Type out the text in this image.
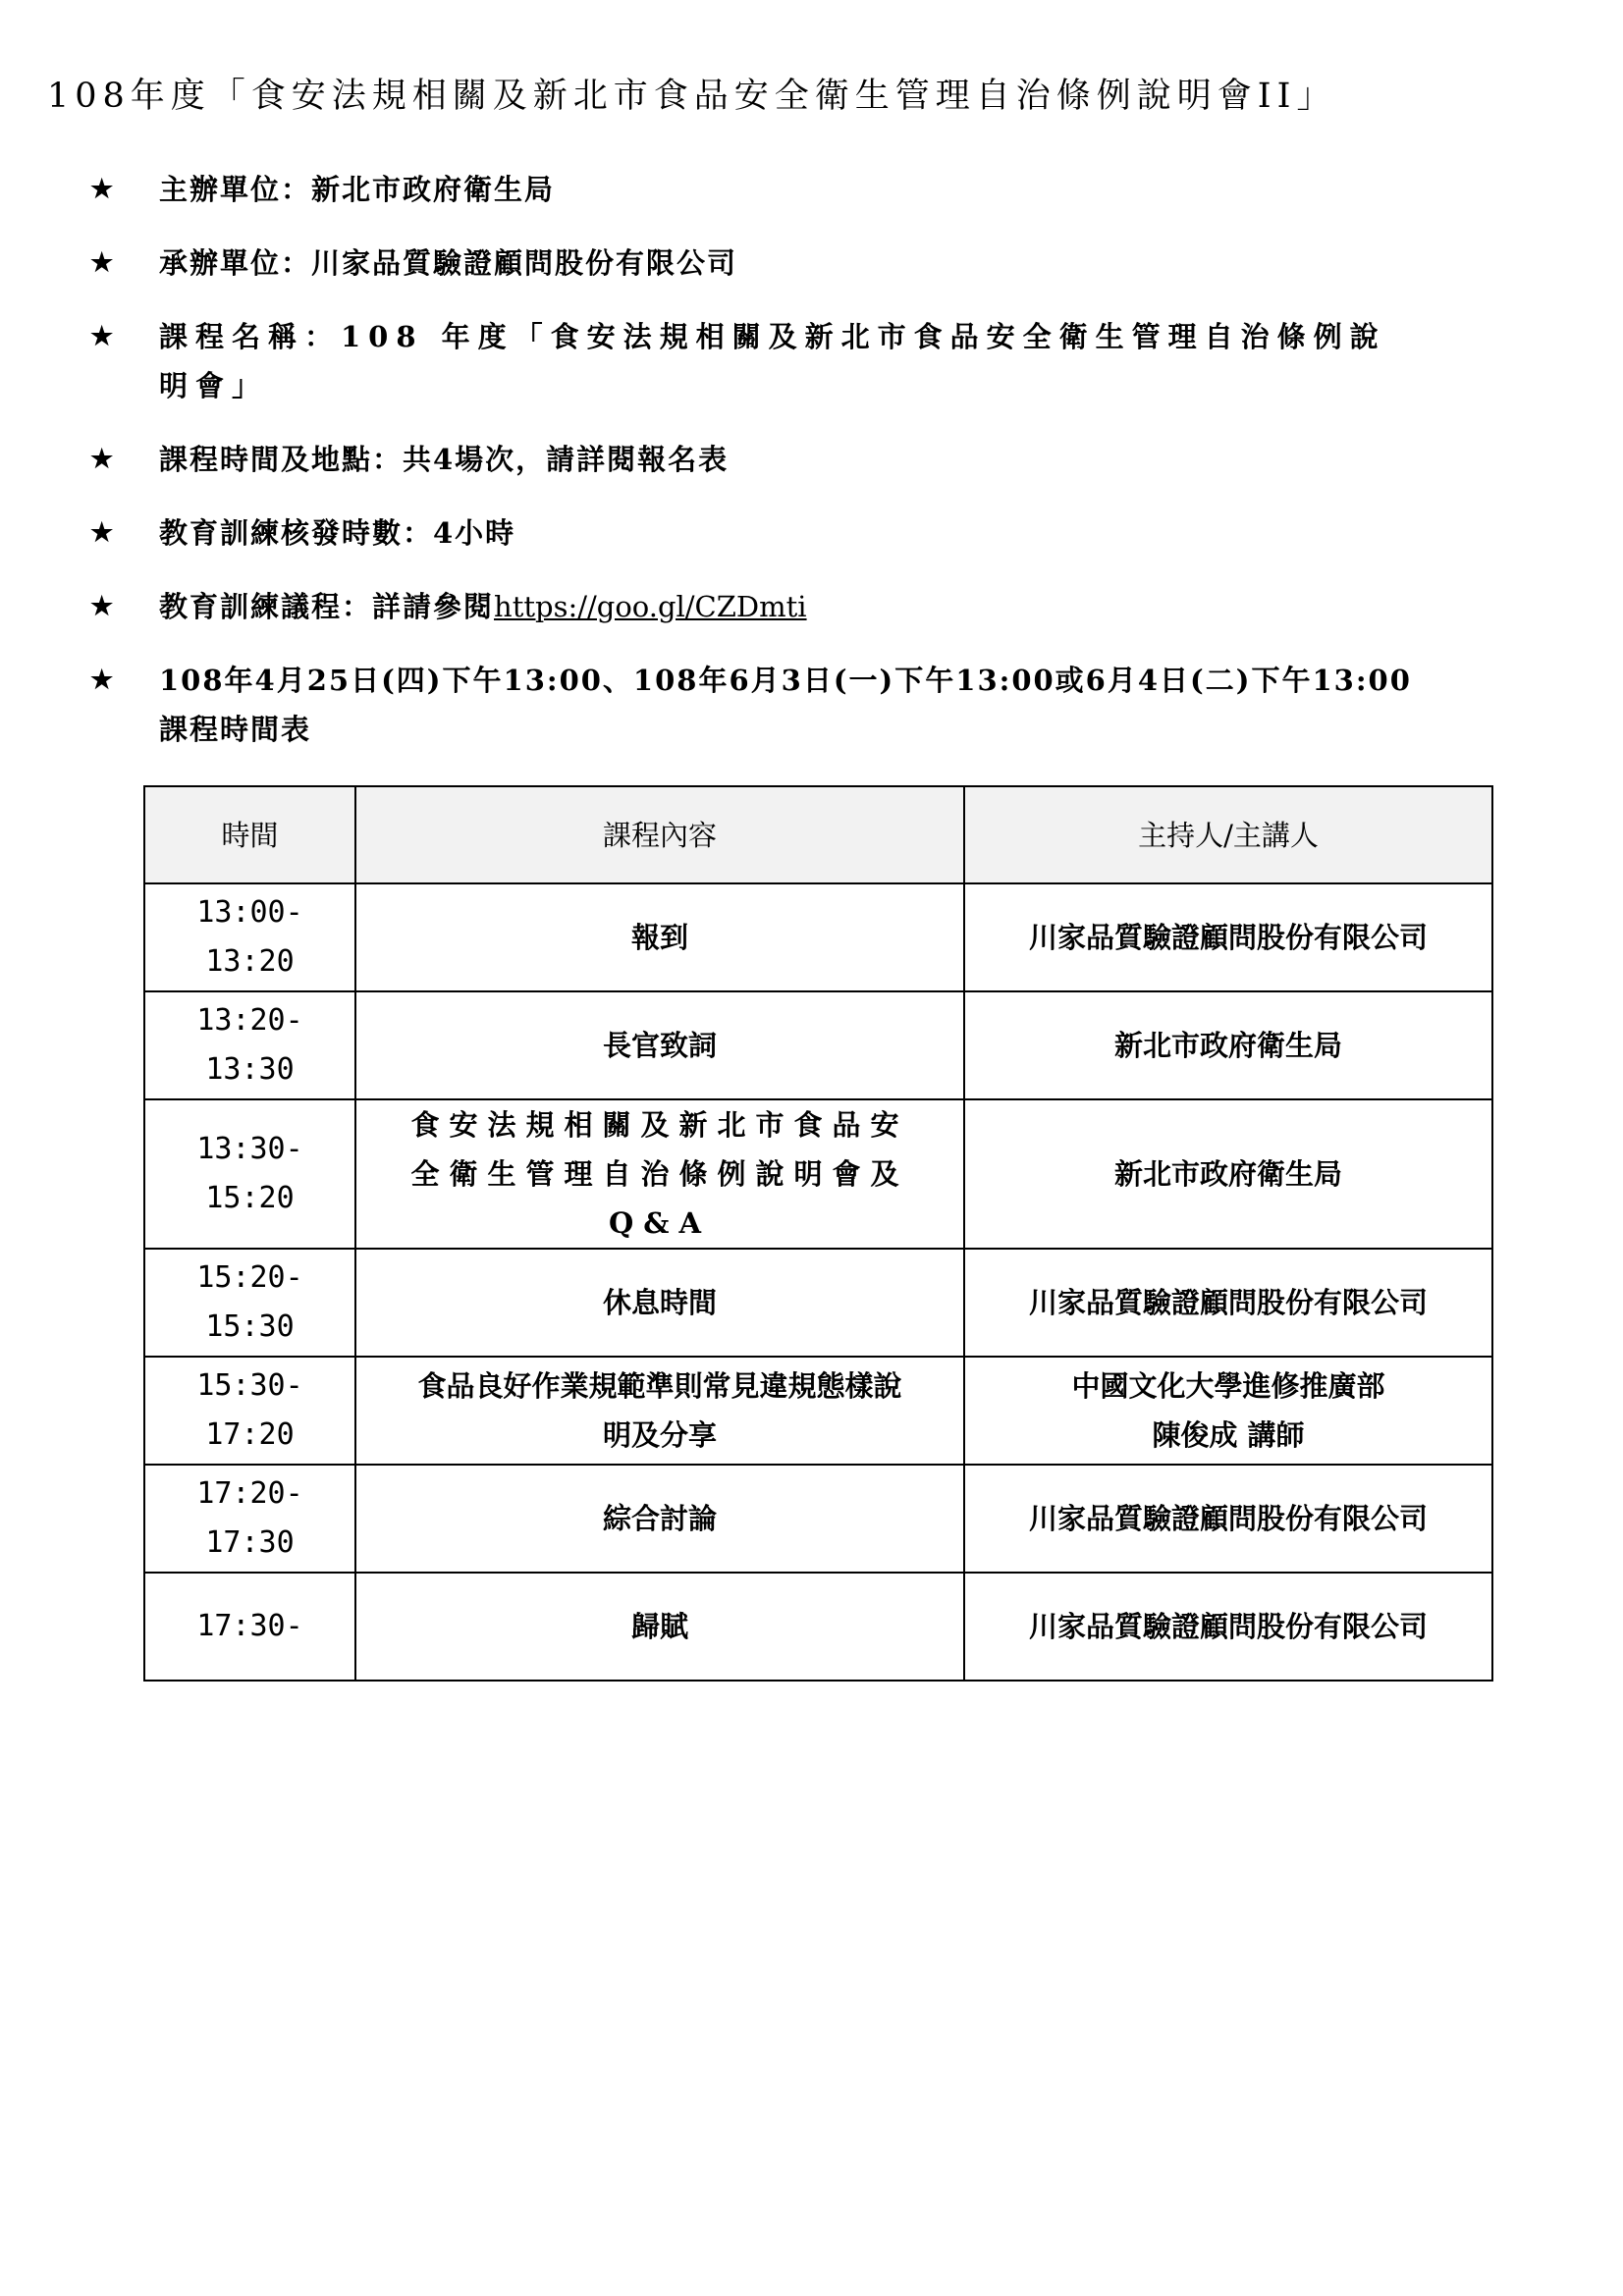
108年度「食安法規相關及新北市食品安全衛生管理自治條例說明會II」
★	主辦單位：新北市政府衛生局
★	承辦單位：川家品質驗證顧問股份有限公司
★	課程名稱：108 年度「食安法規相關及新北市食品安全衛生管理自治條例說
明會」
★	課程時間及地點：共4場次，請詳閱報名表
★	教育訓練核發時數：4小時
★	教育訓練議程：詳請參閱https://goo.gl/CZDmti
★	108年4月25日(四)下午13:00、108年6月3日(一)下午13:00或6月4日(二)下午13:00
課程時間表
時間	課程內容	主持人/主講人
13:00-13:20	報到	川家品質驗證顧問股份有限公司
13:20-13:30	長官致詞	新北市政府衛生局
13:30-15:20	食安法規相關及新北市食品安
全衛生管理自治條例說明會及
Q&A	新北市政府衛生局
15:20-15:30	休息時間	川家品質驗證顧問股份有限公司
15:30-17:20	食品良好作業規範準則常見違規態樣說
明及分享	中國文化大學進修推廣部
陳俊成 講師

17:20-17:30	綜合討論	川家品質驗證顧問股份有限公司
17:30-	歸賦	川家品質驗證顧問股份有限公司
